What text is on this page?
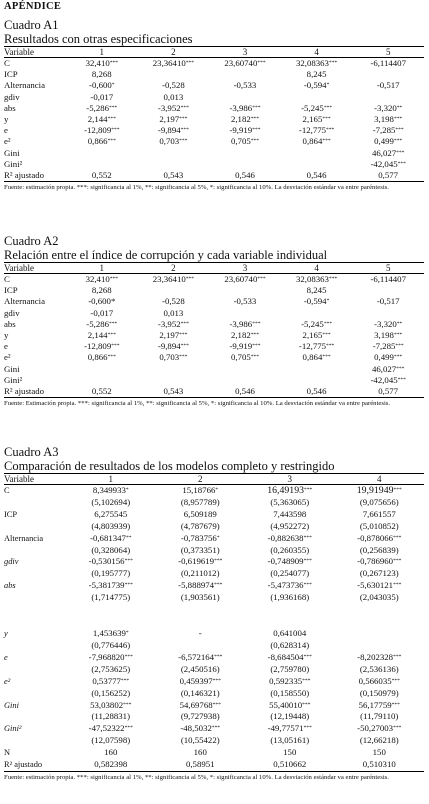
APÉNDICE
Cuadro A1
Resultados con otras especificaciones
Variable	1	2	3	4	5
C	32,410***	23,36410***	23,60740***	32,08363***	-6,114407
ICP	8,268			8,245	
Alternancia	-0,600*	-0,528	-0,533	-0,594*	-0,517
gdiv	-0,017	0,013			
abs	-5,286***	-3,952***	-3,986***	-5,245***	-3,320**
y	2,144***	2,197***	2,182***	2,165***	3,198***
e	-12,809***	-9,894***	-9,919***	-12,775***	-7,285***
e²	0,866***	0,703***	0,705***	0,864***	0,499***
Gini					46,027***
Gini²					-42,045***
R² ajustado	0,552	0,543	0,546	0,546	0,577
Fuente: estimación propia. ***: significancia al 1%, **: significancia al 5%, *: significancia al 10%. La desviación estándar va entre paréntesis.
Cuadro A2
Relación entre el índice de corrupción y cada variable individual
Variable	1	2	3	4	5
C	32,410***	23,36410***	23,60740***	32,08363***	-6,114407
ICP	8,268			8,245	
Alternancia	-0,600*	-0,528	-0,533	-0,594*	-0,517
gdiv	-0,017	0,013			
abs	-5,286***	-3,952***	-3,986***	-5,245***	-3,320**
y	2,144***	2,197***	2,182***	2,165***	3,198***
e	-12,809***	-9,894***	-9,919***	-12,775***	-7,285***
e²	0,866***	0,703***	0,705***	0,864***	0,499***
Gini					46,027***
Gini²					-42,045***
R² ajustado	0,552	0,543	0,546	0,546	0,577
Fuente: Estimación propia. ***: significancia al 1%, **: significancia al 5%, *: significancia al 10%. La desviación estándar va entre paréntesis.
Cuadro A3
Comparación de resultados de los modelos completo y restringido
Variable	1	2	3	4
C	8,349933*	15,18766*	16,49193***	19,91949***
	(5,102694)	(8,957789)	(5,363065)	(9,075656)
ICP	6,275545	6,509189	7,443598	7,661557
	(4,803939)	(4,787679)	(4,952272)	(5,010852)
Alternancia	-0,681347**	-0,783756*	-0,882638***	-0,878066***
	(0,328064)	(0,373351)	(0,260355)	(0,256839)
gdiv	-0,530156***	-0,619619***	-0,748909***	-0,786960***
	(0,195777)	(0,211012)	(0,254077)	(0,267123)
abs	-5,381739***	-5,888974***	-5,473736***	-5,630121***
	(1,714775)	(1,903561)	(1,936168)	(2,043035)

y	1,453639*	-	0,641004	
	(0,776446)		(0,628314)	
e	-7,968820***	-6,572164***	-8,684504***	-8,202328***
	(2,753625)	(2,450516)	(2,759780)	(2,536136)
e²	0,53777***	0,459397***	0,592335***	0,566035***
	(0,156252)	(0,146321)	(0,158550)	(0,150979)
Gini	53,03802***	54,69768***	55,40010***	56,17759***
	(11,28831)	(9,727938)	(12,19448)	(11,79110)
Gini²	-47,52322***	-48,5032***	-49,77571***	-50,27003***
	(12,07598)	(10,55422)	(13,05161)	(12,66218)
N	160	160	150	150
R² ajustado	0,582398	0,58951	0,510662	0,510310
Fuente: estimación propia. ***: significancia al 1%, **: significancia al 5%, *: significancia al 10%. La desviación estándar va entre paréntesis.
